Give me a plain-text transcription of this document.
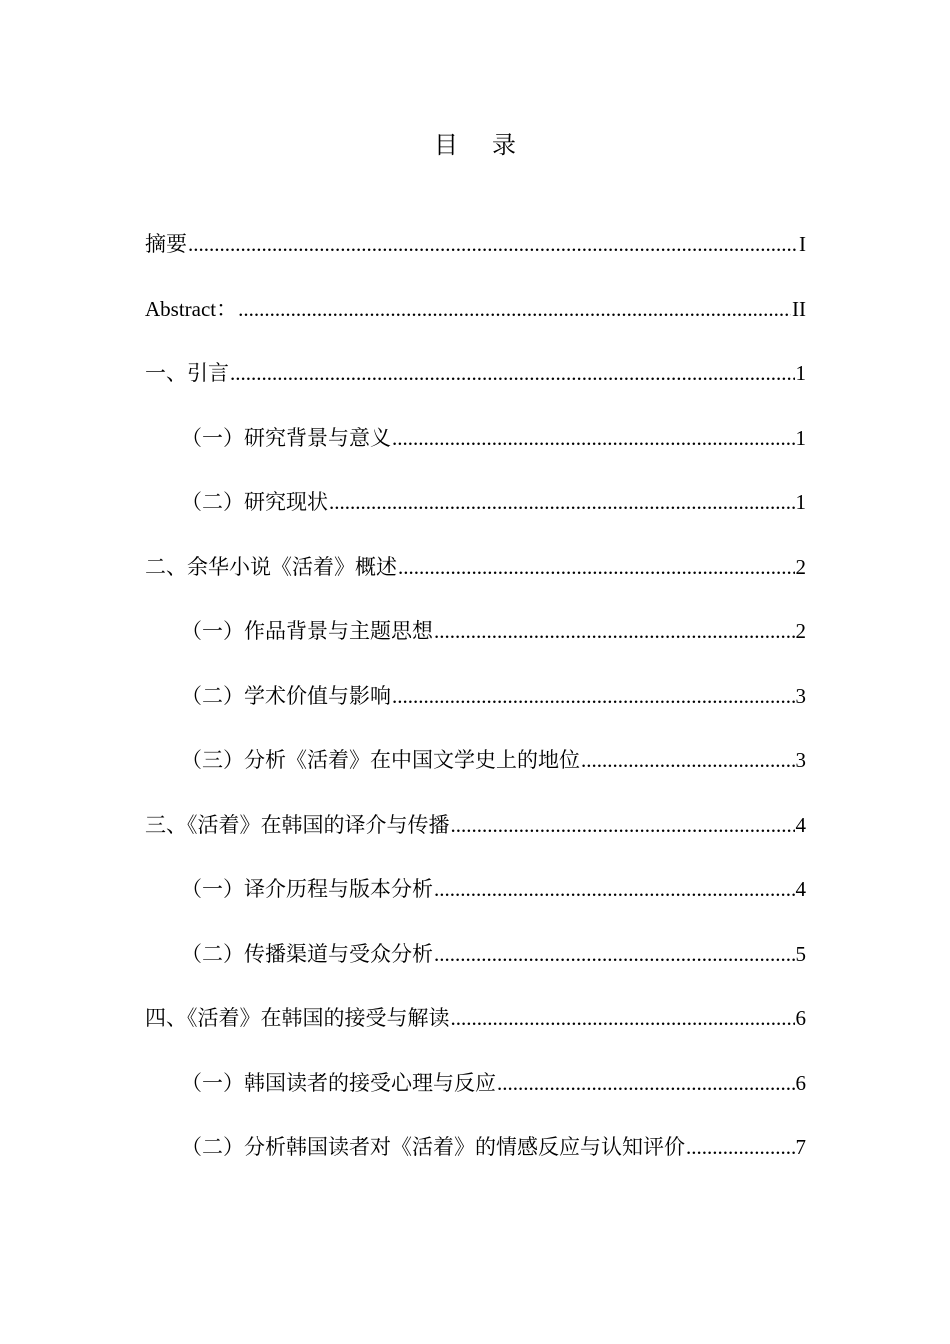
目 录
摘要 .....	I
Abstract： .....	II
一、引言 .....	1
（一）研究背景与意义 .....	1
（二）研究现状 .....	1
二、余华小说《活着》概述 .....	2
（一）作品背景与主题思想 .....	2
（二）学术价值与影响 .....	3
（三）分析《活着》在中国文学史上的地位 .....	3
三、《活着》在韩国的译介与传播 .....	4
（一）译介历程与版本分析 .....	4
（二）传播渠道与受众分析 .....	5
四、《活着》在韩国的接受与解读 .....	6
（一）韩国读者的接受心理与反应 .....	6
（二）分析韩国读者对《活着》的情感反应与认知评价 .....	7
